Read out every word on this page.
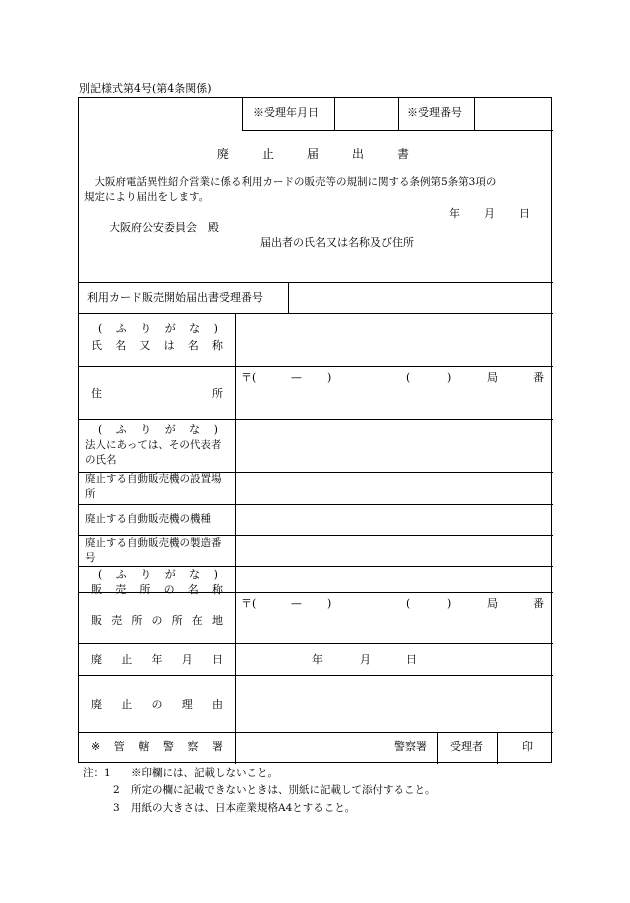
別記様式第4号(第4条関係)
※受理年月日	※受理番号
廃	止	届	出	書
　大阪府電話異性紹介営業に係る利用カードの販売等の規制に関する条例第5条第3項の
規定により届出をします。
年 月 日
大阪府公安委員会　殿
届出者の氏名又は名称及び住所
利用カード販売開始届出書受理番号
( ふ り が な )
氏 名 又 は 名 称
住	所
〒(	— )	(	)	局	番
( ふ り が な )
法人にあっては、その代表者の氏名
廃止する自動販売機の設置場所
廃止する自動販売機の機種
廃止する自動販売機の製造番号
( ふ り が な )
販 売 所 の 名 称
販 売 所 の 所 在 地
〒(	— )	(	)	局	番
廃 止 年 月 日	年	月	日
廃 止 の 理 由
※ 管 轄 警 察 署	警察署 受理者	印
注：1 ※印欄には、記載しないこと。
2 所定の欄に記載できないときは、別紙に記載して添付すること。
3 用紙の大きさは、日本産業規格A4とすること。
